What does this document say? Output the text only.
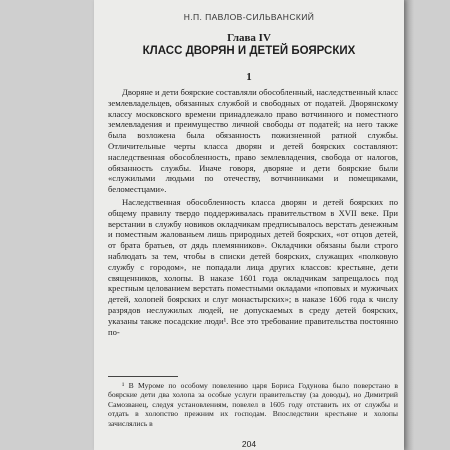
Н.П. ПАВЛОВ-СИЛЬВАНСКИЙ
Глава IV
КЛАСС ДВОРЯН И ДЕТЕЙ БОЯРСКИХ
1

Дворяне и дети боярские составляли обособленный, наследственный класс землевладельцев, обязанных службой и свободных от податей. Дворянскому классу московского времени принадлежало право вотчинного и поместного землевладения и преимущество личной свободы от податей; на него также была возложена была обязанность пожизненной ратной службы. Отличительные черты класса дворян и детей боярских составляют: наследственная обособленность, право землевладения, свобода от налогов, обязанность службы. Иначе говоря, дворяне и дети боярские были «служилыми людьми по отечеству, вотчинниками и помещиками, беломестцами».

Наследственная обособленность класса дворян и детей боярских по общему правилу твердо поддерживалась правительством в XVII веке. При верстании в службу новиков окладчикам предписывалось верстать денежным и поместным жалованьем лишь природных детей боярских, «от отцов детей, от брата братьев, от дядь племянников». Окладчики обязаны были строго наблюдать за тем, чтобы в списки детей боярских, служащих «полковую службу с городом», не попадали лица других классов: крестьяне, дети священников, холопы. В наказе 1601 года окладчикам запрещалось под крестным целованием верстать поместными окладами «поповых и мужичьих детей, холопей боярских и слуг монастырских»; в наказе 1606 года к числу разрядов неслужилых людей, не допускаемых в среду детей боярских, указаны также посадские люди¹. Все это требование правительства постоянно по-

¹ В Муроме по особому повелению царя Бориса Годунова было поверстано в боярские дети два холопа за особые услуги правительству (за доводы), но Димитрий Самозванец, следуя установлениям, повелел в 1605 году отставить их от службы и отдать в холопство прежним их господам. Впоследствии крестьяне и холопы зачислялись в

204
